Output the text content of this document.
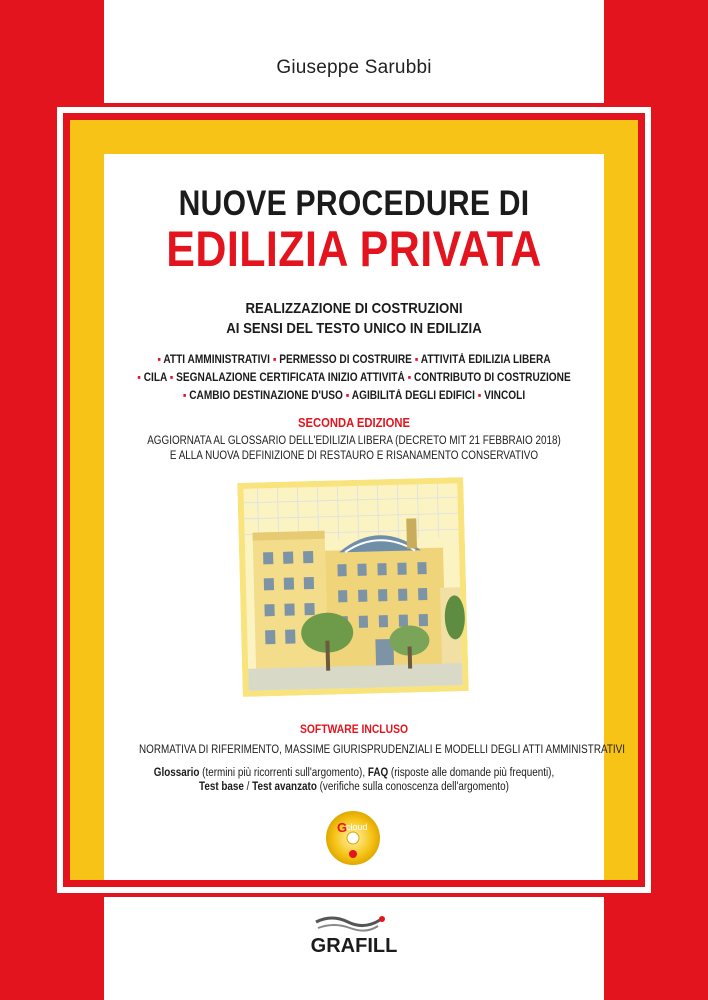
Giuseppe Sarubbi

NUOVE PROCEDURE DI

EDILIZIA PRIVATA

REALIZZAZIONE DI COSTRUZIONI

AI SENSI DEL TESTO UNICO IN EDILIZIA

▪ ATTI AMMINISTRATIVI ▪ PERMESSO DI COSTRUIRE ▪ ATTIVITÀ EDILIZIA LIBERA

▪ CILA ▪ SEGNALAZIONE CERTIFICATA INIZIO ATTIVITÀ ▪ CONTRIBUTO DI COSTRUZIONE

▪ CAMBIO DESTINAZIONE D'USO ▪ AGIBILITÀ DEGLI EDIFICI ▪ VINCOLI

SECONDA EDIZIONE

AGGIORNATA AL GLOSSARIO DELL'EDILIZIA LIBERA (DECRETO MIT 21 FEBBRAIO 2018)

E ALLA NUOVA DEFINIZIONE DI RESTAURO E RISANAMENTO CONSERVATIVO

SOFTWARE INCLUSO

NORMATIVA DI RIFERIMENTO, MASSIME GIURISPRUDENZIALI E MODELLI DEGLI ATTI AMMINISTRATIVI

Glossario (termini più ricorrenti sull'argomento), FAQ (risposte alle domande più frequenti),

Test base / Test avanzato (verifiche sulla conoscenza dell'argomento)

G
cloud
GRAFILL
